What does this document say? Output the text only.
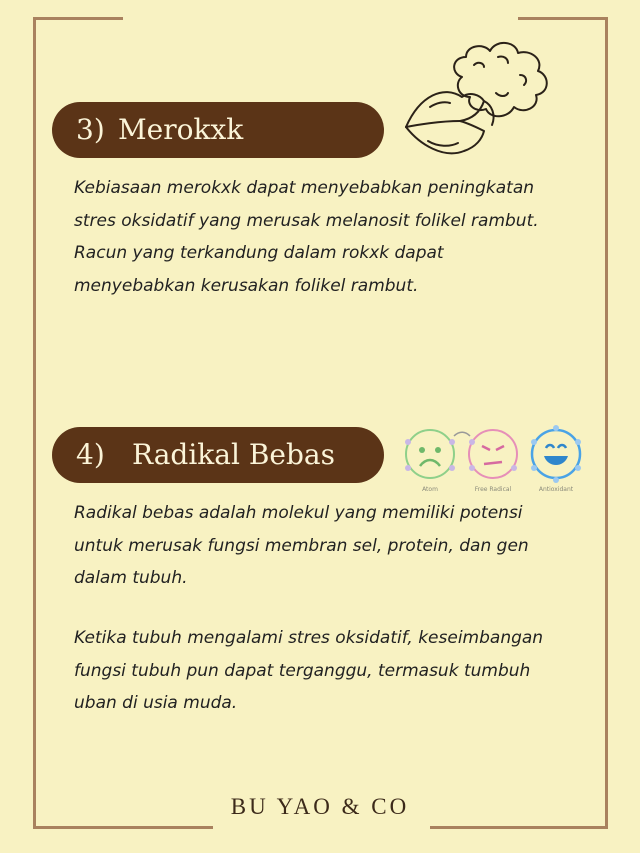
3) Merokxk
Kebiasaan merokxk dapat menyebabkan peningkatan stres oksidatif yang merusak melanosit folikel rambut. Racun yang terkandung dalam rokxk dapat menyebabkan kerusakan folikel rambut.
Atom	Free Radical	Antioxidant
4) Radikal Bebas
Radikal bebas adalah molekul yang memiliki potensi untuk merusak fungsi membran sel, protein, dan gen dalam tubuh.
Ketika tubuh mengalami stres oksidatif, keseimbangan fungsi tubuh pun dapat terganggu, termasuk tumbuh uban di usia muda.
BU YAO & CO
